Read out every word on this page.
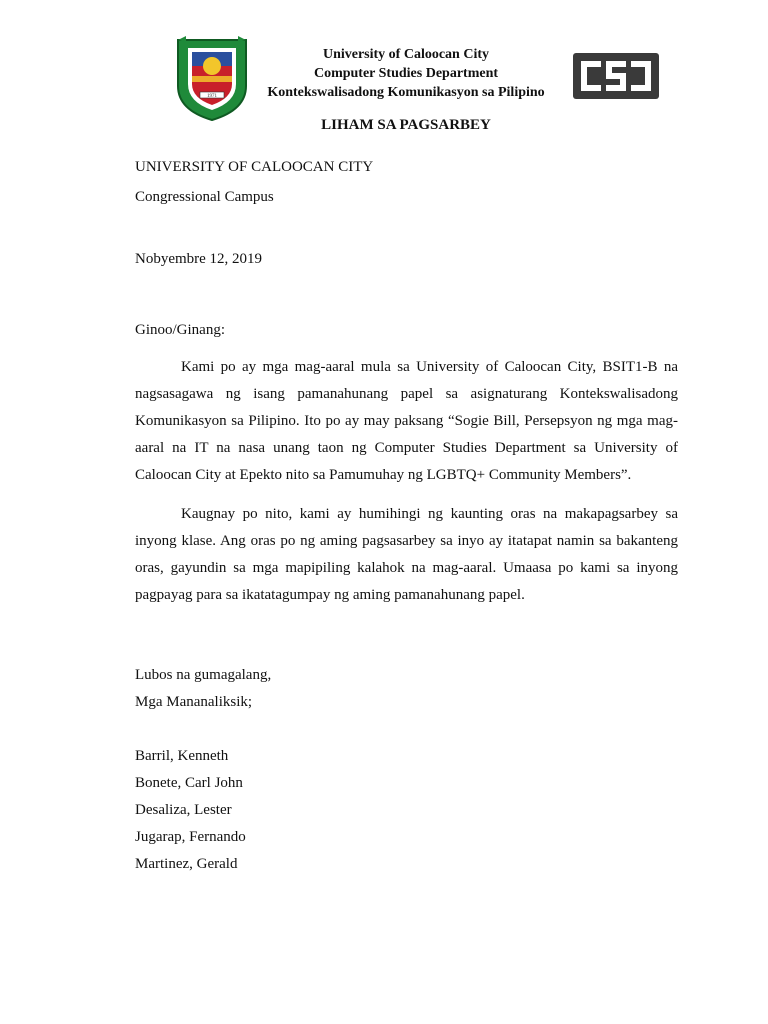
1971
University of Caloocan City
Computer Studies Department
Kontekswalisadong Komunikasyon sa Pilipino
LIHAM SA PAGSARBEY
UNIVERSITY OF CALOOCAN CITY
Congressional Campus
Nobyembre 12, 2019
Ginoo/Ginang:

Kami po ay mga mag-aaral mula sa University of Caloocan City, BSIT1-B na nagsasagawa ng isang pamanahunang papel sa asignaturang Kontekswalisadong Komunikasyon sa Pilipino. Ito po ay may paksang “Sogie Bill, Persepsyon ng mga mag-aaral na IT na nasa unang taon ng Computer Studies Department sa University of Caloocan City at Epekto nito sa Pamumuhay ng LGBTQ+ Community Members”.

Kaugnay po nito, kami ay humihingi ng kaunting oras na makapagsarbey sa inyong klase. Ang oras po ng aming pagsasarbey sa inyo ay itatapat namin sa bakanteng oras, gayundin sa mga mapipiling kalahok na mag-aaral. Umaasa po kami sa inyong pagpayag para sa ikatatagumpay ng aming pamanahunang papel.

Lubos na gumagalang,
Mga Mananaliksik;
Barril, Kenneth
Bonete, Carl John
Desaliza, Lester
Jugarap, Fernando
Martinez, Gerald
